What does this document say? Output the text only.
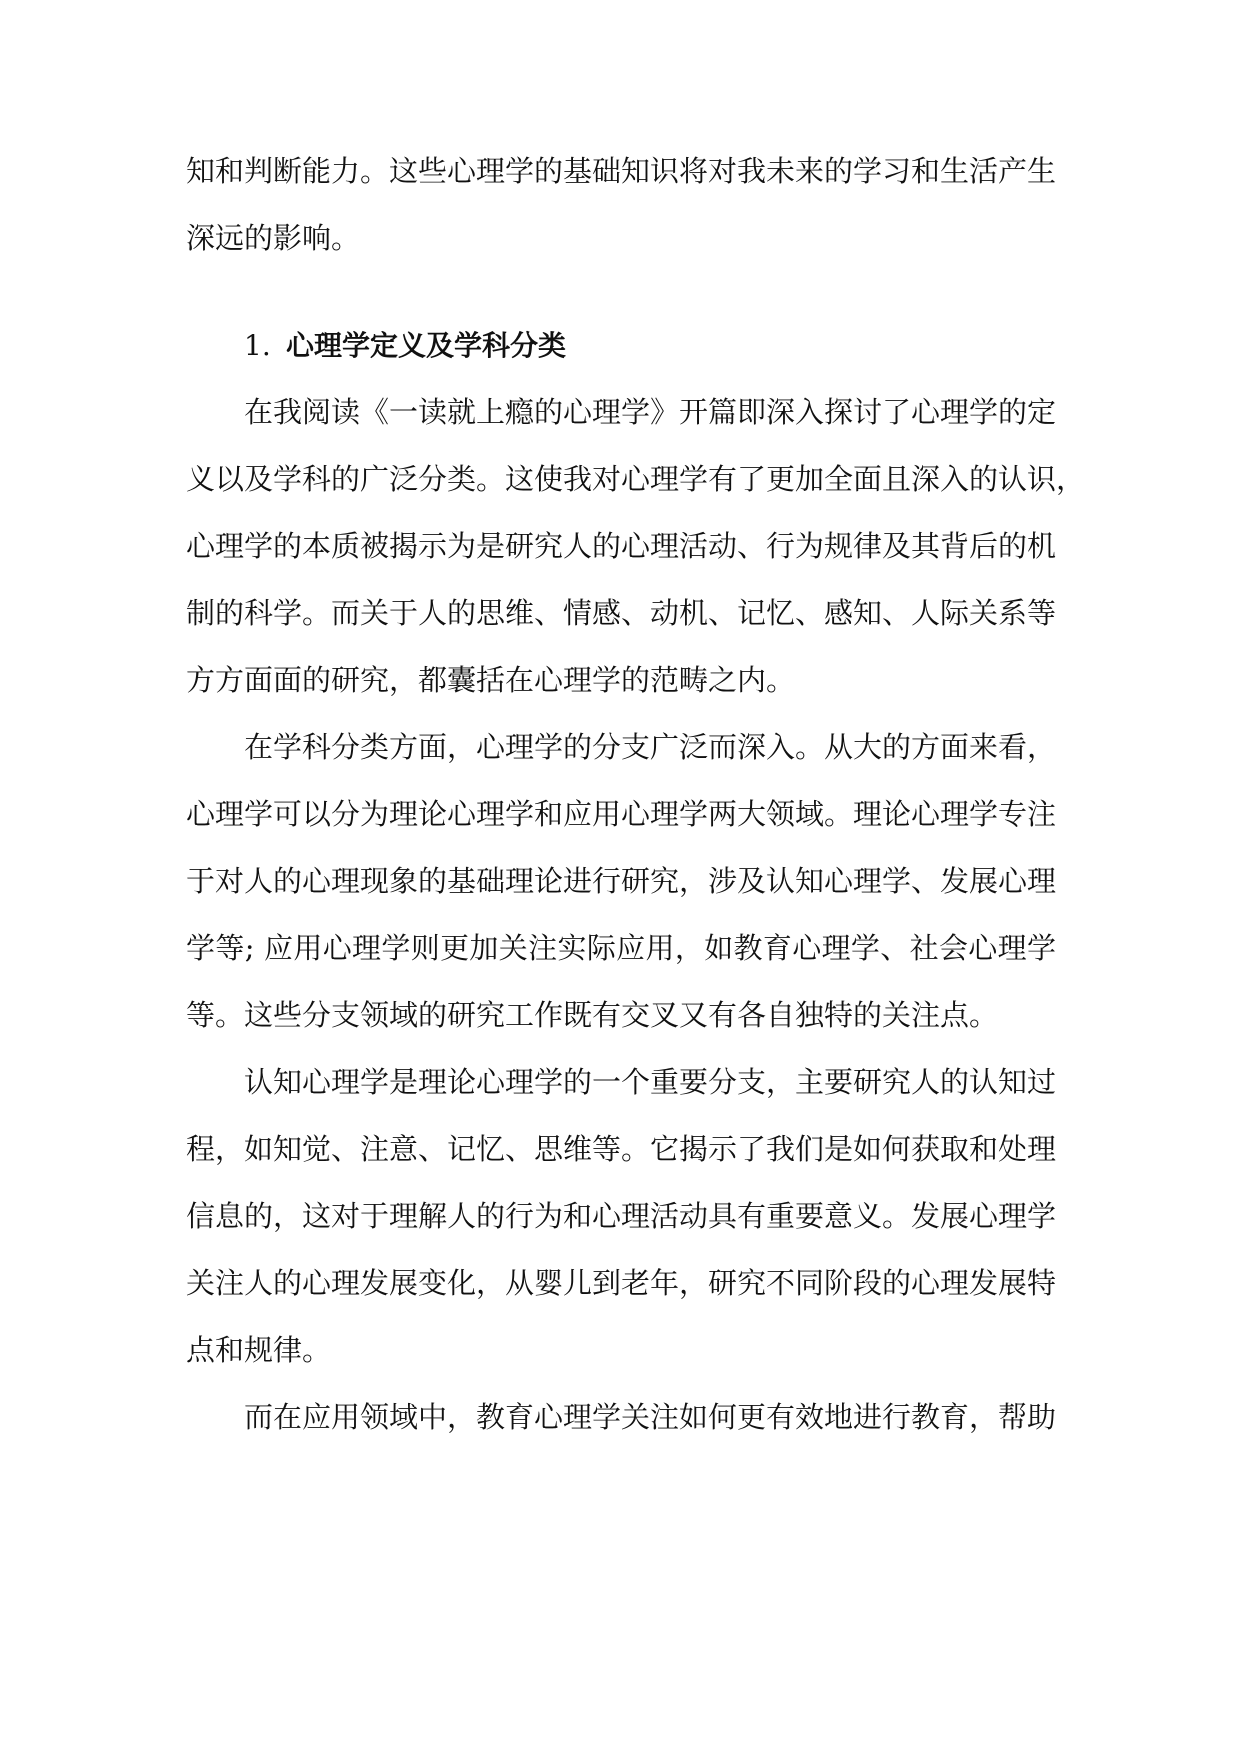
知和判断能力。这些心理学的基础知识将对我未来的学习和生活产生
深远的影响。
1. 心理学定义及学科分类
在我阅读《一读就上瘾的心理学》开篇即深入探讨了心理学的定
义以及学科的广泛分类。这使我对心理学有了更加全面且深入的认识，
心理学的本质被揭示为是研究人的心理活动、行为规律及其背后的机
制的科学。而关于人的思维、情感、动机、记忆、感知、人际关系等
方方面面的研究，都囊括在心理学的范畴之内。
在学科分类方面，心理学的分支广泛而深入。从大的方面来看，
心理学可以分为理论心理学和应用心理学两大领域。理论心理学专注
于对人的心理现象的基础理论进行研究，涉及认知心理学、发展心理
学等; 应用心理学则更加关注实际应用，如教育心理学、社会心理学
等。这些分支领域的研究工作既有交叉又有各自独特的关注点。
认知心理学是理论心理学的一个重要分支，主要研究人的认知过
程，如知觉、注意、记忆、思维等。它揭示了我们是如何获取和处理
信息的，这对于理解人的行为和心理活动具有重要意义。发展心理学
关注人的心理发展变化，从婴儿到老年，研究不同阶段的心理发展特
点和规律。
而在应用领域中，教育心理学关注如何更有效地进行教育，帮助
